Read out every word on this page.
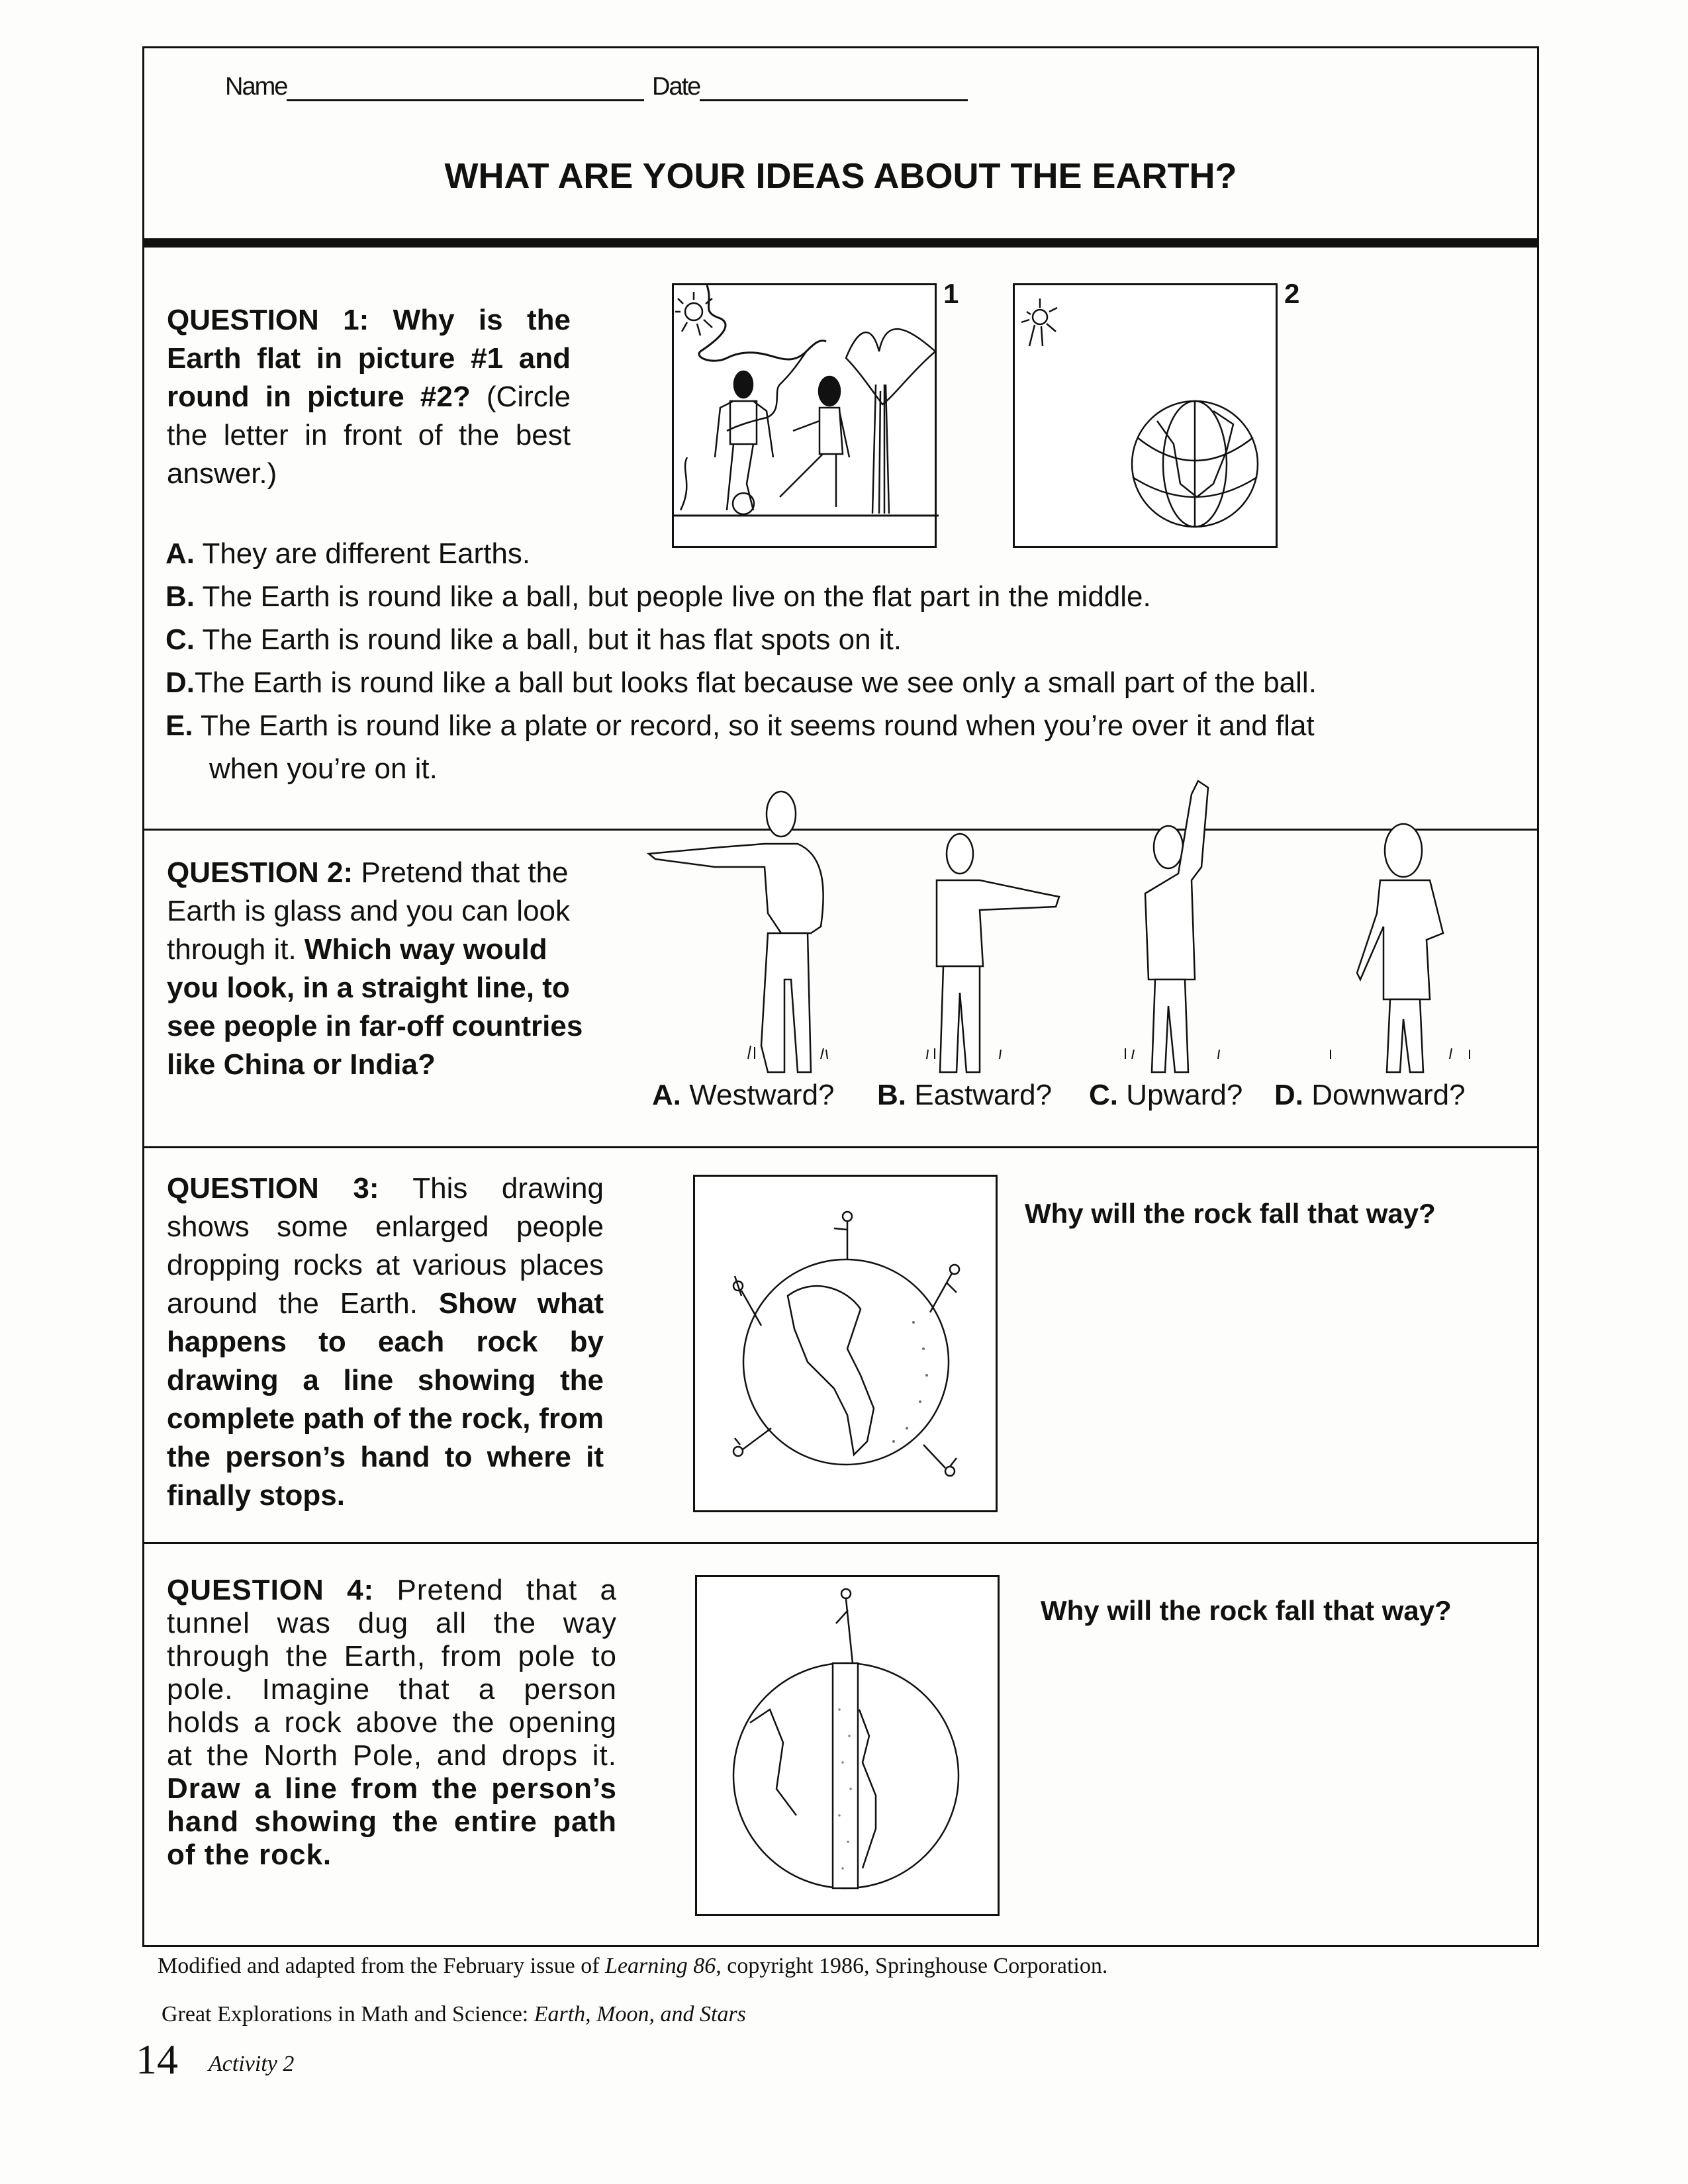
Name	Date
WHAT ARE YOUR IDEAS ABOUT THE EARTH?
QUESTION 1: Why is the Earth flat in picture #1 and round in picture #2? (Circle the letter in front of the best answer.)
1	2
A. They are different Earths.
B. The Earth is round like a ball, but people live on the flat part in the middle.
C. The Earth is round like a ball, but it has flat spots on it.
D.The Earth is round like a ball but looks flat because we see only a small part of the ball.
E. The Earth is round like a plate or record, so it seems round when you’re over it and flat
when you’re on it.
QUESTION 2: Pretend that the Earth is glass and you can look through it. Which way would you look, in a straight line, to see people in far-off countries like China or India?
A. Westward? B. Eastward? C. Upward? D. Downward?
QUESTION 3: This drawing shows some enlarged people dropping rocks at various places around the Earth. Show what happens to each rock by drawing a line showing the complete path of the rock, from the person’s hand to where it finally stops.
Why will the rock fall that way?
QUESTION 4: Pretend that a tunnel was dug all the way through the Earth, from pole to pole. Imagine that a person holds a rock above the opening at the North Pole, and drops it. Draw a line from the person’s hand showing the entire path of the rock.
Why will the rock fall that way?
Modified and adapted from the February issue of Learning 86, copyright 1986, Springhouse Corporation.
Great Explorations in Math and Science: Earth, Moon, and Stars
14 Activity 2
